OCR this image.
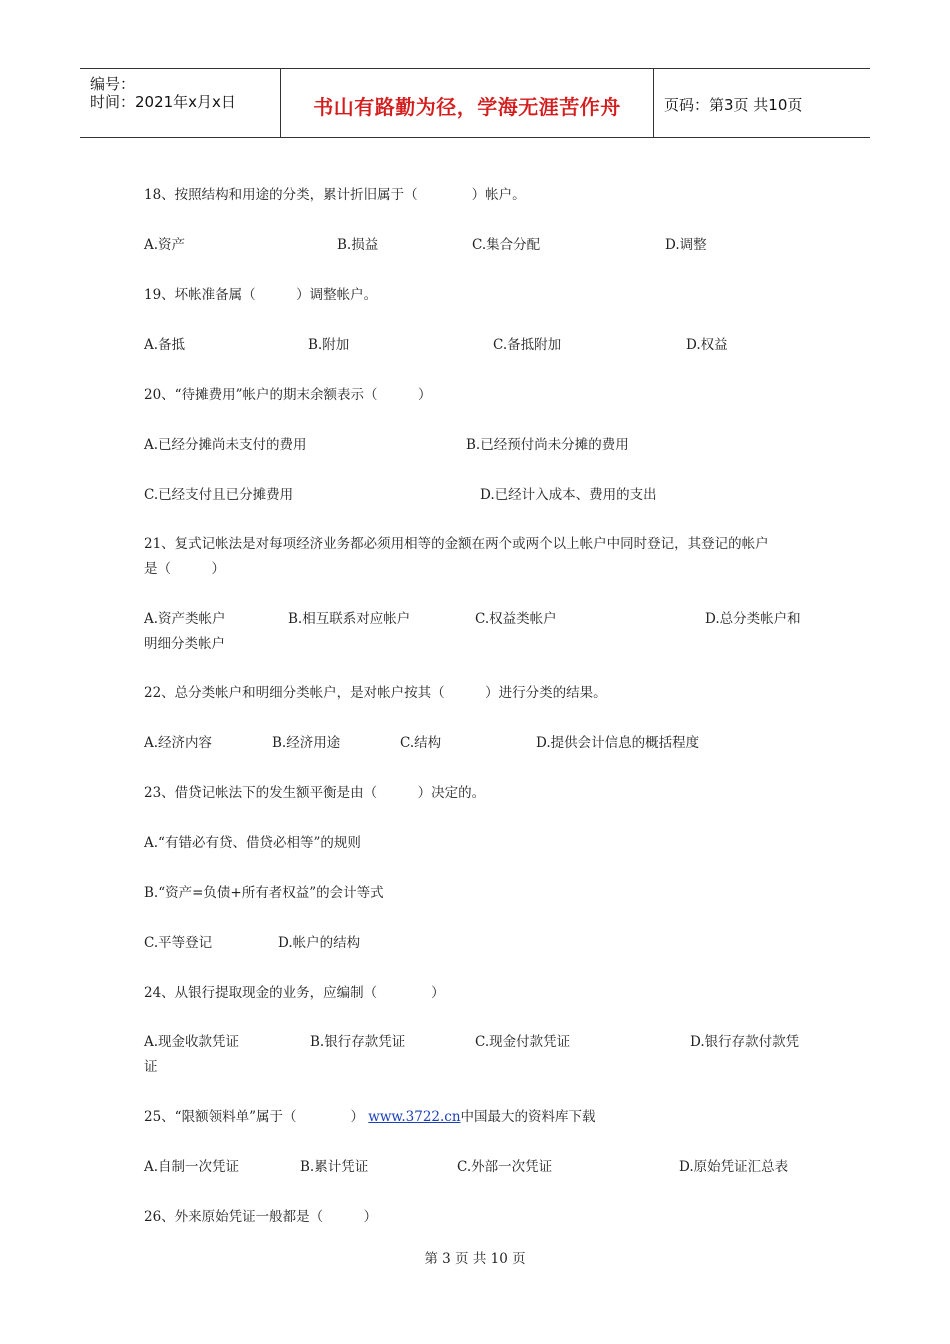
编号：
时间：2021年x月x日	书山有路勤为径，学海无涯苦作舟	页码：第3页 共10页
18、按照结构和用途的分类，累计折旧属于（　　　　）帐户。
A.资产	B.损益	C.集合分配	D.调整
19、坏帐准备属（　　　）调整帐户。
A.备抵	B.附加	C.备抵附加	D.权益
20、“待摊费用”帐户的期末余额表示（　　　）
A.已经分摊尚未支付的费用	B.已经预付尚未分摊的费用
C.已经支付且已分摊费用	D.已经计入成本、费用的支出
21、复式记帐法是对每项经济业务都必须用相等的金额在两个或两个以上帐户中同时登记，其登记的帐户
是（　　　）
A.资产类帐户	B.相互联系对应帐户	C.权益类帐户	D.总分类帐户和
明细分类帐户
22、总分类帐户和明细分类帐户，是对帐户按其（　　　）进行分类的结果。
A.经济内容	B.经济用途	C.结构	D.提供会计信息的概括程度
23、借贷记帐法下的发生额平衡是由（　　　）决定的。
A.“有错必有贷、借贷必相等”的规则
B.“资产=负债+所有者权益”的会计等式
C.平等登记	D.帐户的结构
24、从银行提取现金的业务，应编制（　　　　）
A.现金收款凭证	B.银行存款凭证	C.现金付款凭证	D.银行存款付款凭
证
25、“限额领料单”属于（　　　　） www.3722.cn中国最大的资料库下载
A.自制一次凭证	B.累计凭证	C.外部一次凭证	D.原始凭证汇总表
26、外来原始凭证一般都是（　　　）
第 3 页 共 10 页
